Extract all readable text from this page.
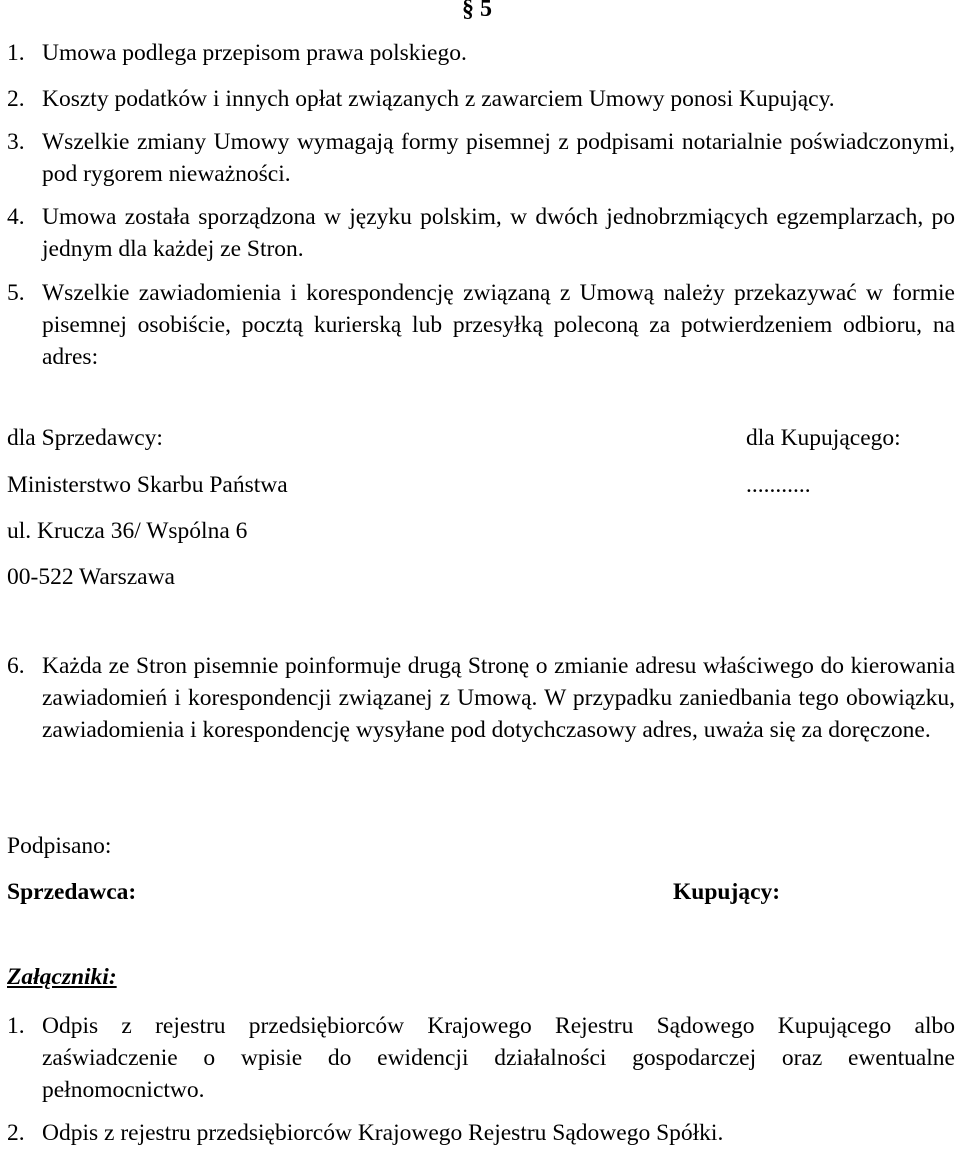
§ 5
1. Umowa podlega przepisom prawa polskiego.
2. Koszty podatków i innych opłat związanych z zawarciem Umowy ponosi Kupujący.
3. Wszelkie zmiany Umowy wymagają formy pisemnej z podpisami notarialnie poświadczonymi, pod rygorem nieważności.
4. Umowa została sporządzona w języku polskim, w dwóch jednobrzmiących egzemplarzach, po jednym dla każdej ze Stron.
5. Wszelkie zawiadomienia i korespondencję związaną z Umową należy przekazywać w formie pisemnej osobiście, pocztą kurierską lub przesyłką poleconą za potwierdzeniem odbioru, na adres:
dla Sprzedawcy:	dla Kupującego:
Ministerstwo Skarbu Państwa	...........
ul. Krucza 36/ Wspólna 6
00-522 Warszawa
6. Każda ze Stron pisemnie poinformuje drugą Stronę o zmianie adresu właściwego do kierowania zawiadomień i korespondencji związanej z Umową. W przypadku zaniedbania tego obowiązku, zawiadomienia i korespondencję wysyłane pod dotychczasowy adres, uważa się za doręczone.
Podpisano:
Sprzedawca:	Kupujący:
Załączniki:
1. Odpis z rejestru przedsiębiorców Krajowego Rejestru Sądowego Kupującego albo zaświadczenie o wpisie do ewidencji działalności gospodarczej oraz ewentualne pełnomocnictwo.
2. Odpis z rejestru przedsiębiorców Krajowego Rejestru Sądowego Spółki.
